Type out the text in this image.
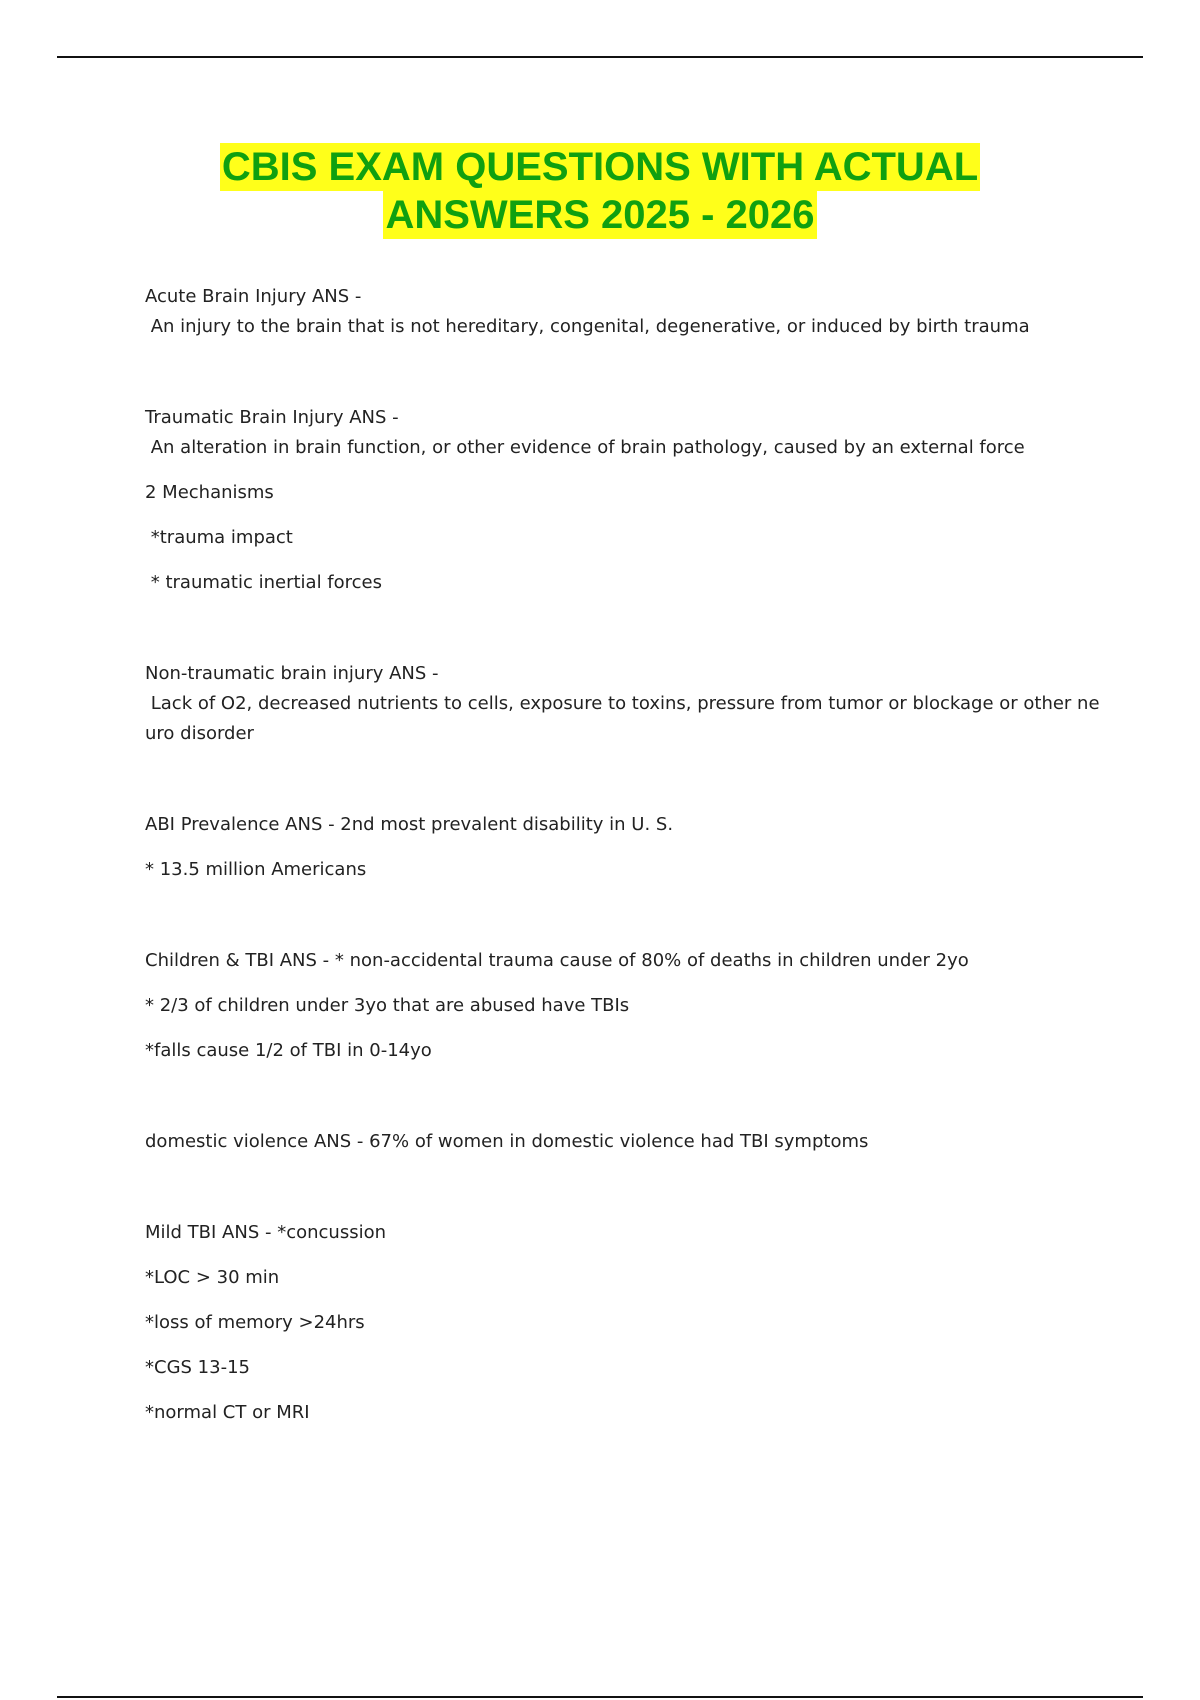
CBIS EXAM QUESTIONS WITH ACTUAL
ANSWERS 2025 - 2026
Acute Brain Injury ANS -
An injury to the brain that is not hereditary, congenital, degenerative, or induced by birth trauma
Traumatic Brain Injury ANS -
An alteration in brain function, or other evidence of brain pathology, caused by an external force
2 Mechanisms
*trauma impact
* traumatic inertial forces
Non-traumatic brain injury ANS -
Lack of O2, decreased nutrients to cells, exposure to toxins, pressure from tumor or blockage or other ne uro disorder
ABI Prevalence ANS - 2nd most prevalent disability in U. S.
* 13.5 million Americans
Children & TBI ANS - * non-accidental trauma cause of 80% of deaths in children under 2yo
* 2/3 of children under 3yo that are abused have TBIs
*falls cause 1/2 of TBI in 0-14yo
domestic violence ANS - 67% of women in domestic violence had TBI symptoms
Mild TBI ANS - *concussion
*LOC > 30 min
*loss of memory >24hrs
*CGS 13-15
*normal CT or MRI
